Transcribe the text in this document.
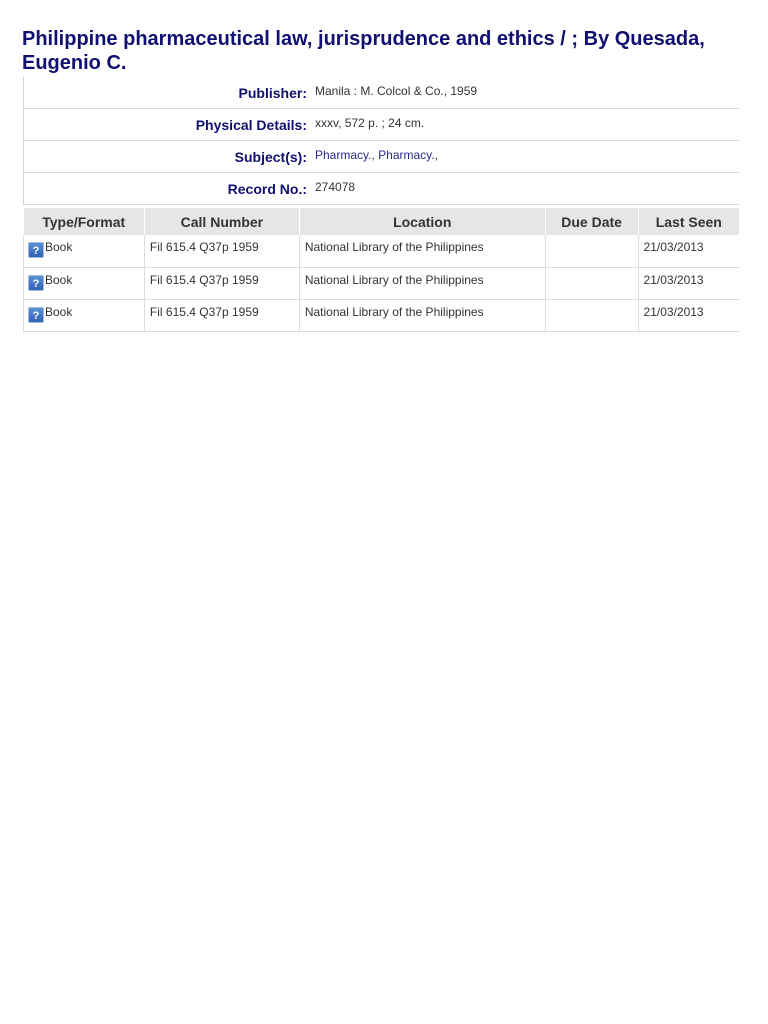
Philippine pharmaceutical law, jurisprudence and ethics / ; By Quesada, Eugenio C.
Publisher: Manila : M. Colcol & Co., 1959
Physical Details: xxxv, 572 p. ; 24 cm.
Subject(s): Pharmacy., Pharmacy.,
Record No.: 274078
Type/Format	Call Number	Location	Due Date	Last Seen

? Book	Fil 615.4 Q37p 1959	National Library of the Philippines		21/03/2013

? Book	Fil 615.4 Q37p 1959	National Library of the Philippines		21/03/2013

? Book	Fil 615.4 Q37p 1959	National Library of the Philippines		21/03/2013
